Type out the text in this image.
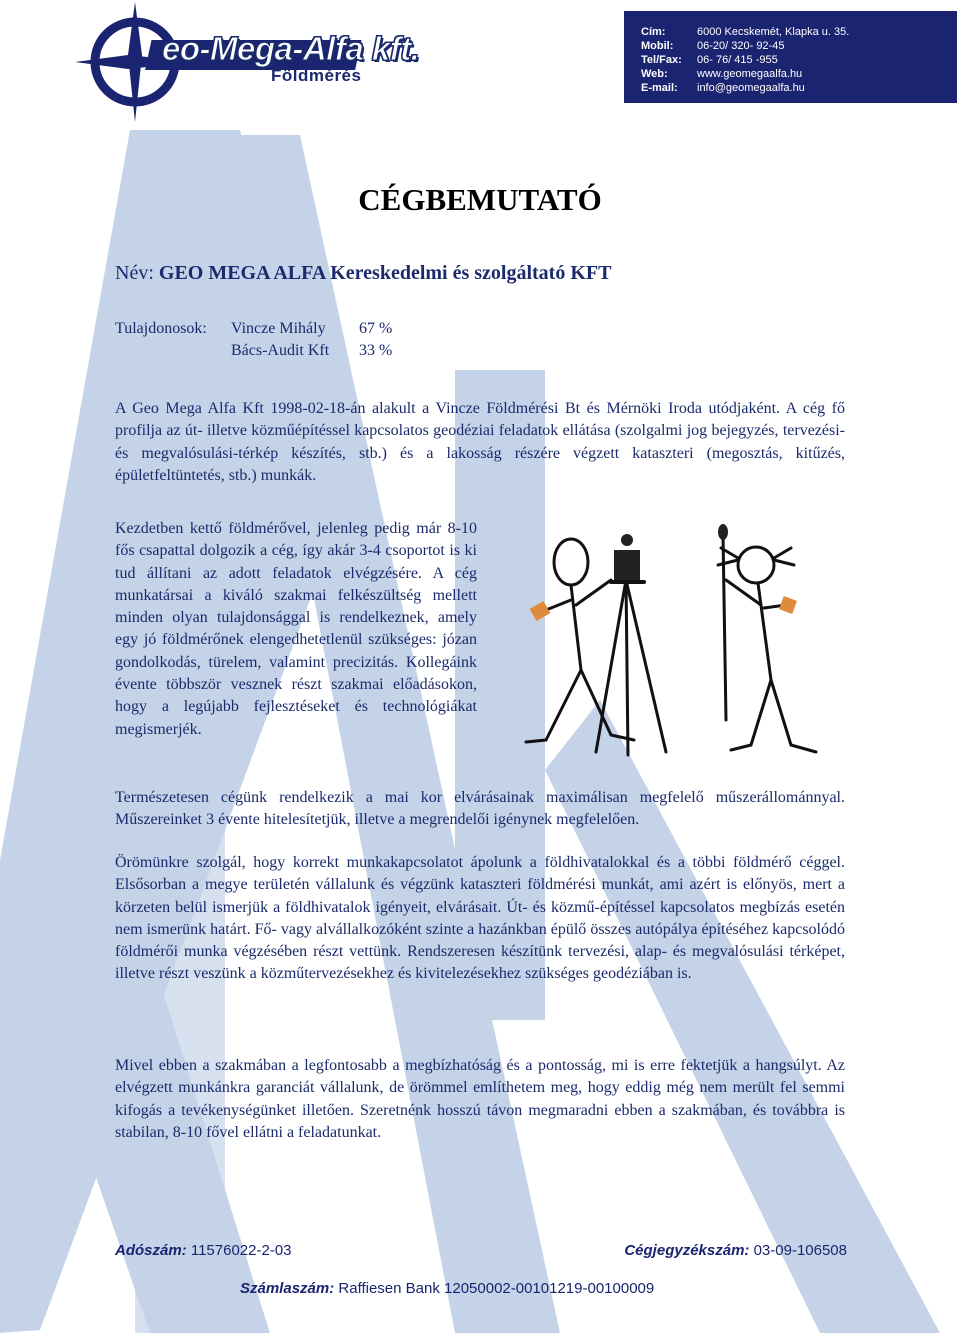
eo-Mega-Alfa kft.
Földmérés
Cím:	6000 Kecskemét, Klapka u. 35.
Mobil: 06-20/ 320- 92-45
Tel/Fax: 06- 76/ 415 -955
Web:	www.geomegaalfa.hu
E-mail: info@geomegaalfa.hu
CÉGBEMUTATÓ
Név: GEO MEGA ALFA Kereskedelmi és szolgáltató KFT
Tulajdonosok: Vincze Mihály 67 %
Bács-Audit Kft 33 %

A Geo Mega Alfa Kft 1998-02-18-án alakult a Vincze Földmérési Bt és Mérnöki Iroda utódjaként. A cég fő profilja az út- illetve közműépítéssel kapcsolatos geodéziai feladatok ellátása (szolgalmi jog bejegyzés, tervezési- és megvalósulási-térkép készítés, stb.) és a lakosság részére végzett kataszteri (megosztás, kitűzés, épületfeltüntetés, stb.) munkák.

Kezdetben kettő földmérővel, jelenleg pedig már 8-10 fős csapattal dolgozik a cég, így akár 3-4 csoportot is ki tud állítani az adott feladatok elvégzésére. A cég munkatársai a kiváló szakmai felkészültség mellett minden olyan tulajdonsággal is rendelkeznek, amely egy jó földmérőnek elengedhetetlenül szükséges: józan gondolkodás, türelem, valamint precizitás. Kollegáink évente többször vesznek részt szakmai előadásokon, hogy a legújabb fejlesztéseket és technológiákat megismerjék.

Természetesen cégünk rendelkezik a mai kor elvárásainak maximálisan megfelelő műszerállománnyal. Műszereinket 3 évente hitelesítetjük, illetve a megrendelői igénynek megfelelően.

Örömünkre szolgál, hogy korrekt munkakapcsolatot ápolunk a földhivatalokkal és a többi földmérő céggel. Elsősorban a megye területén vállalunk és végzünk kataszteri földmérési munkát, ami azért is előnyös, mert a körzeten belül ismerjük a földhivatalok igényeit, elvárásait. Út- és közmű-építéssel kapcsolatos megbízás esetén nem ismerünk határt. Fő- vagy alvállalkozóként szinte a hazánkban épülő összes autópálya építéséhez kapcsolódó földmérői munka végzésében részt vettünk. Rendszeresen készítünk tervezési, alap- és megvalósulási térképet, illetve részt veszünk a közműtervezésekhez és kivitelezésekhez szükséges geodéziában is.

Mivel ebben a szakmában a legfontosabb a megbízhatóság és a pontosság, mi is erre fektetjük a hangsúlyt. Az elvégzett munkánkra garanciát vállalunk, de örömmel említhetem meg, hogy eddig még nem merült fel semmi kifogás a tevékenységünket illetően. Szeretnénk hosszú távon megmaradni ebben a szakmában, és továbbra is stabilan, 8-10 fővel ellátni a feladatunkat.

Adószám: 11576022-2-03	Cégjegyzékszám: 03-09-106508
Számlaszám: Raffiesen Bank 12050002-00101219-00100009
